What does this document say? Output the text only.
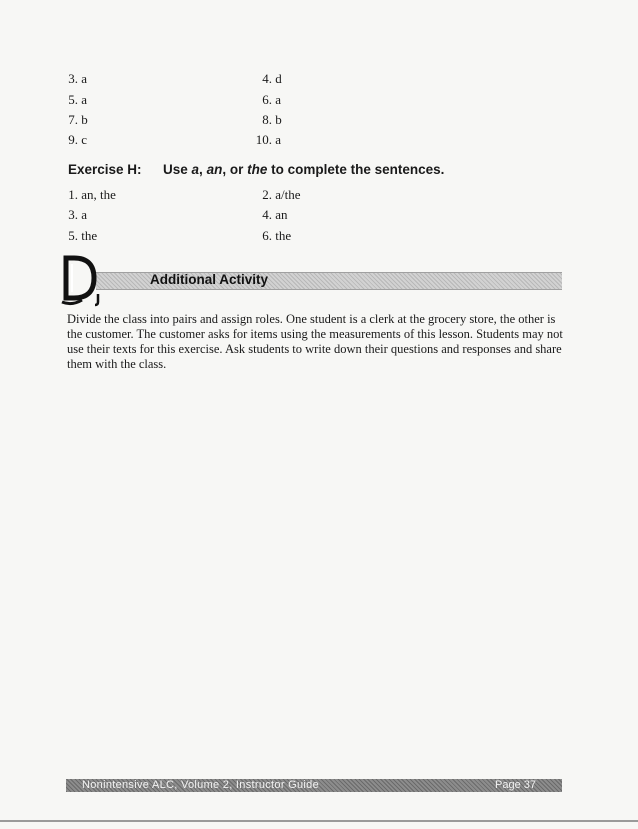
3. a	4. d
5. a	6. a
7. b	8. b
9. c	10. a
Exercise H: Use a, an, or the to complete the sentences.
1. an, the	2. a/the
3. a	4. an
5. the	6. the
Additional Activity

Divide the class into pairs and assign roles. One student is a clerk at the grocery store, the other is the customer. The customer asks for items using the measurements of this lesson. Students may not use their texts for this exercise. Ask students to write down their questions and responses and share them with the class.

Nonintensive ALC, Volume 2, Instructor Guide	Page 37
